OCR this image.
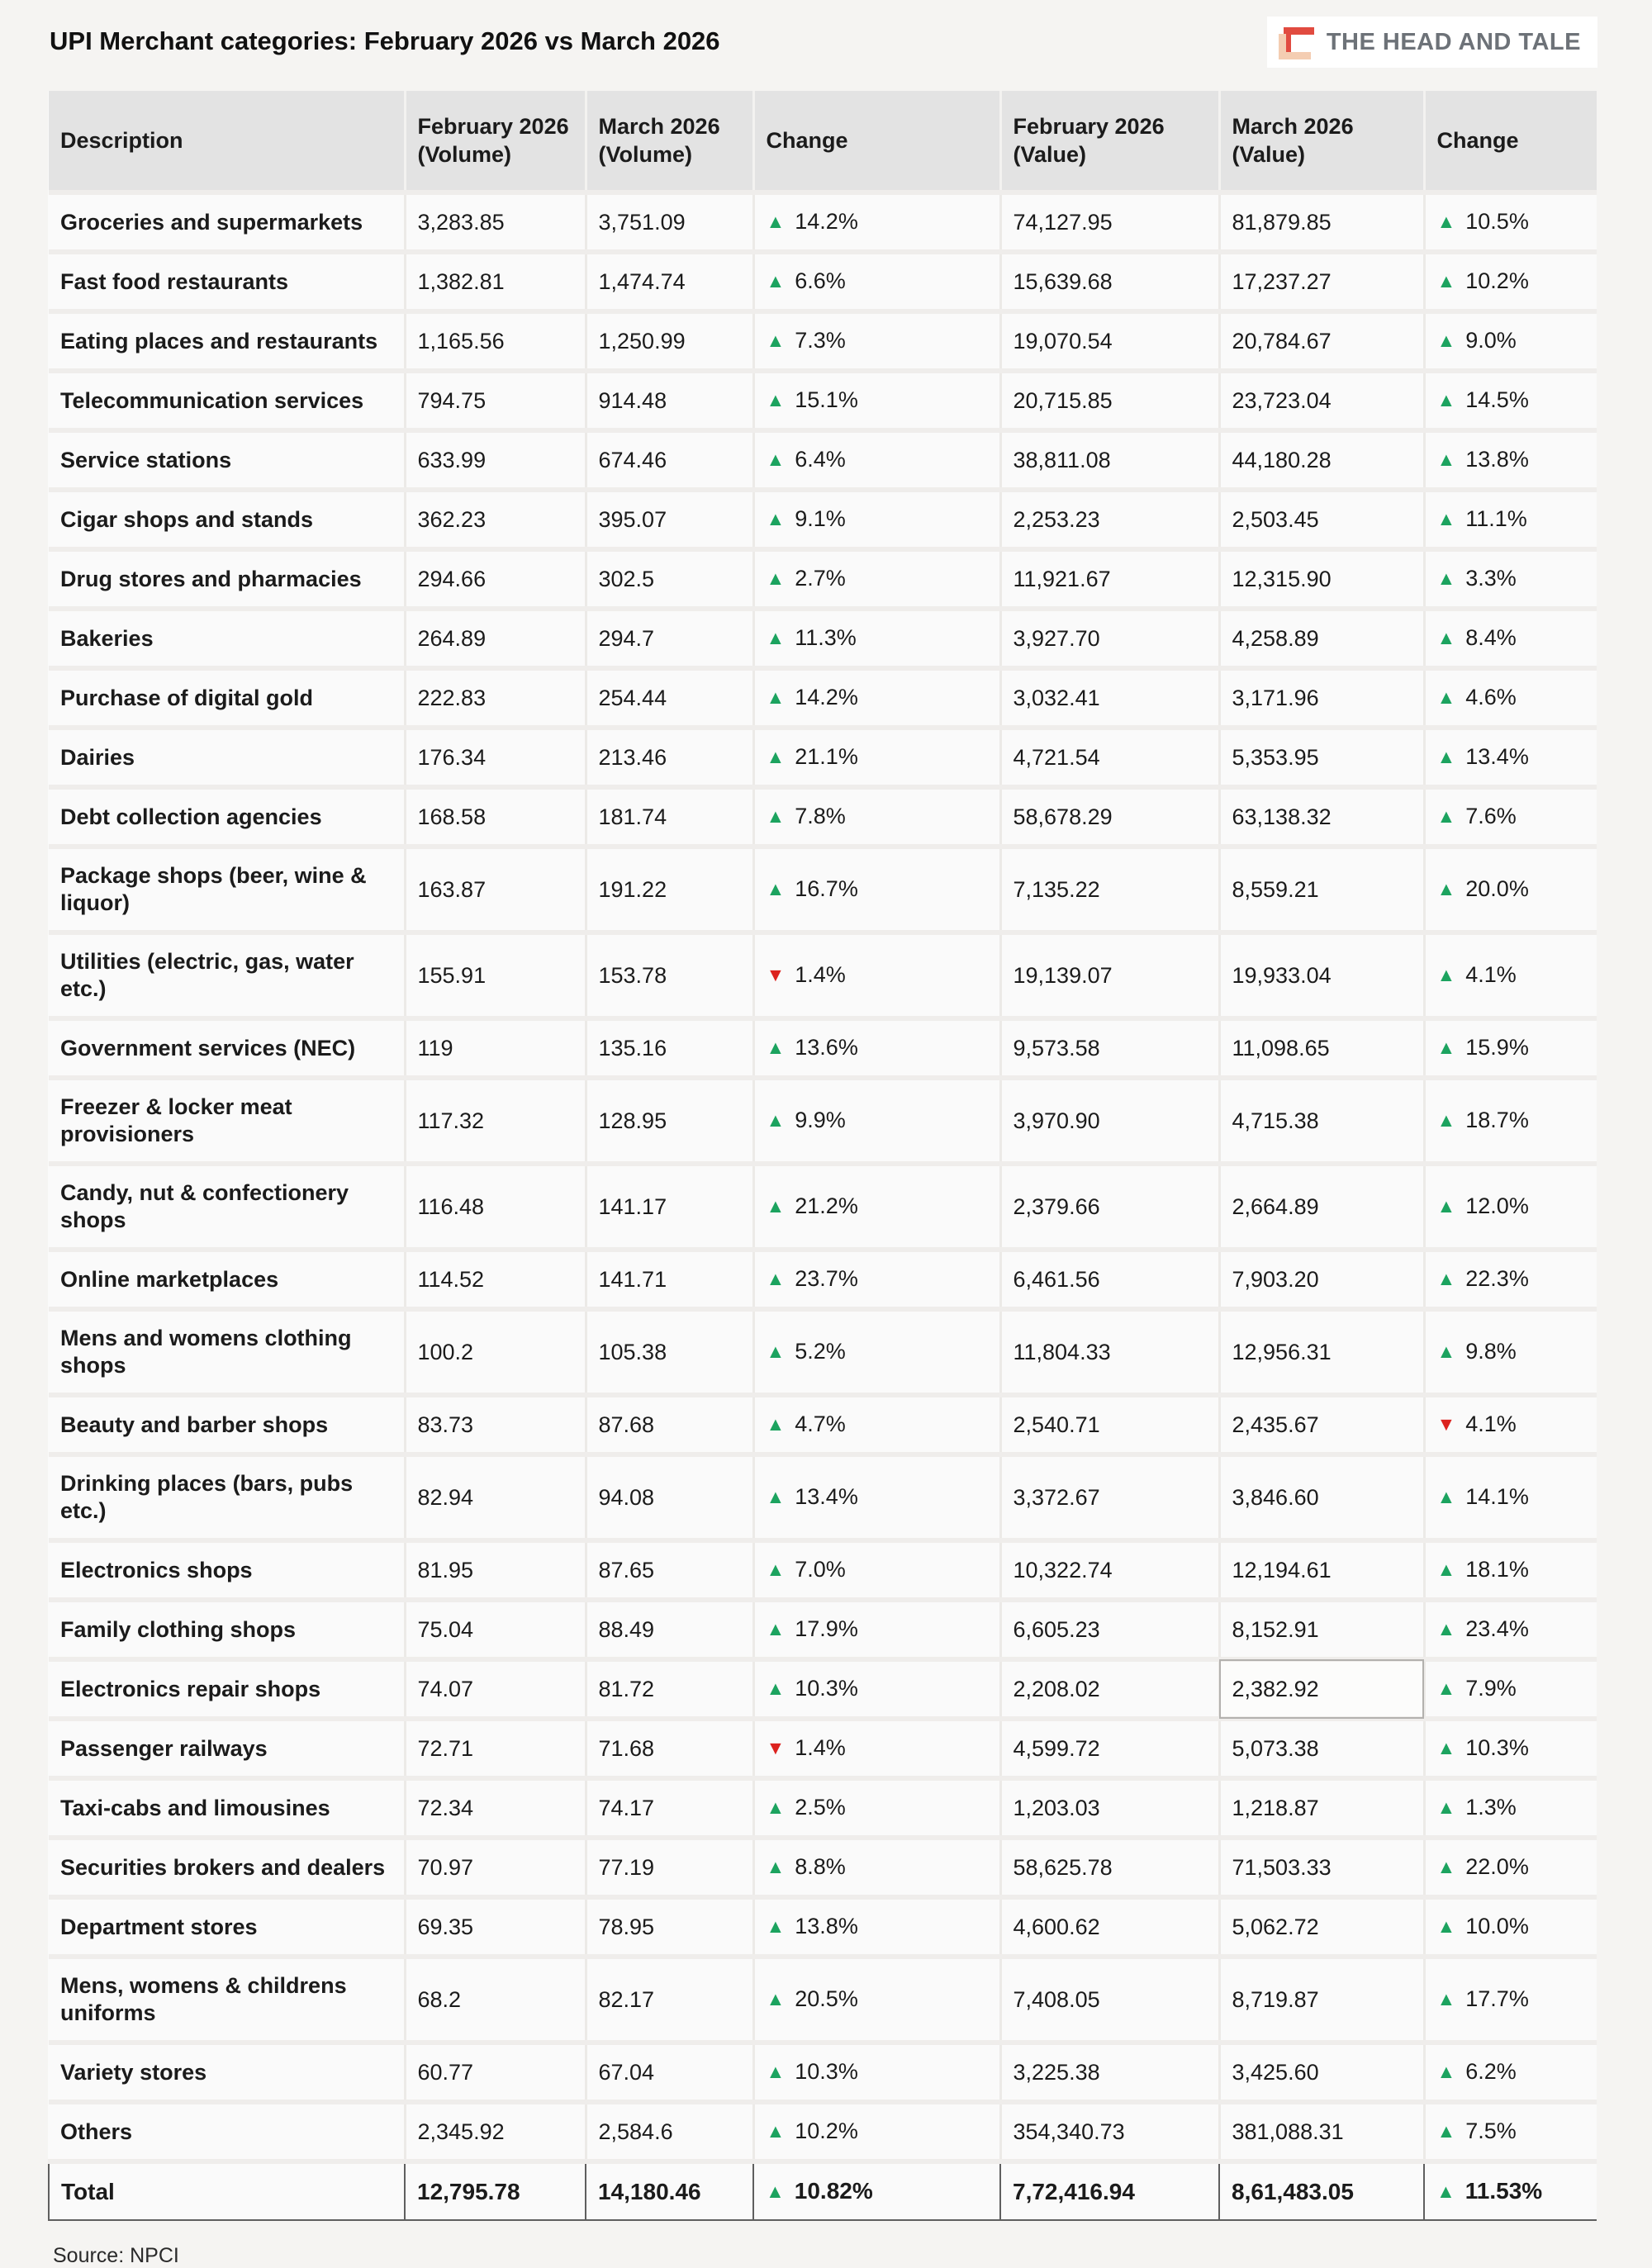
UPI Merchant categories: February 2026 vs March 2026	THE HEAD AND TALE
Description	February 2026 (Volume)	March 2026 (Volume)	Change	February 2026 (Value)	March 2026 (Value)	Change
Groceries and supermarkets	3,283.85	3,751.09	▲ 14.2%	74,127.95	81,879.85	▲ 10.5%
Fast food restaurants	1,382.81	1,474.74	▲ 6.6%	15,639.68	17,237.27	▲ 10.2%
Eating places and restaurants	1,165.56	1,250.99	▲ 7.3%	19,070.54	20,784.67	▲ 9.0%
Telecommunication services	794.75	914.48	▲ 15.1%	20,715.85	23,723.04	▲ 14.5%
Service stations	633.99	674.46	▲ 6.4%	38,811.08	44,180.28	▲ 13.8%
Cigar shops and stands	362.23	395.07	▲ 9.1%	2,253.23	2,503.45	▲ 11.1%
Drug stores and pharmacies	294.66	302.5	▲ 2.7%	11,921.67	12,315.90	▲ 3.3%
Bakeries	264.89	294.7	▲ 11.3%	3,927.70	4,258.89	▲ 8.4%
Purchase of digital gold	222.83	254.44	▲ 14.2%	3,032.41	3,171.96	▲ 4.6%
Dairies	176.34	213.46	▲ 21.1%	4,721.54	5,353.95	▲ 13.4%
Debt collection agencies	168.58	181.74	▲ 7.8%	58,678.29	63,138.32	▲ 7.6%
Package shops (beer, wine & liquor)	163.87	191.22	▲ 16.7%	7,135.22	8,559.21	▲ 20.0%
Utilities (electric, gas, water etc.)	155.91	153.78	▼ 1.4%	19,139.07	19,933.04	▲ 4.1%
Government services (NEC)	119	135.16	▲ 13.6%	9,573.58	11,098.65	▲ 15.9%
Freezer & locker meat provisioners	117.32	128.95	▲ 9.9%	3,970.90	4,715.38	▲ 18.7%
Candy, nut & confectionery shops	116.48	141.17	▲ 21.2%	2,379.66	2,664.89	▲ 12.0%
Online marketplaces	114.52	141.71	▲ 23.7%	6,461.56	7,903.20	▲ 22.3%
Mens and womens clothing shops	100.2	105.38	▲ 5.2%	11,804.33	12,956.31	▲ 9.8%
Beauty and barber shops	83.73	87.68	▲ 4.7%	2,540.71	2,435.67	▼ 4.1%
Drinking places (bars, pubs etc.)	82.94	94.08	▲ 13.4%	3,372.67	3,846.60	▲ 14.1%
Electronics shops	81.95	87.65	▲ 7.0%	10,322.74	12,194.61	▲ 18.1%
Family clothing shops	75.04	88.49	▲ 17.9%	6,605.23	8,152.91	▲ 23.4%
Electronics repair shops	74.07	81.72	▲ 10.3%	2,208.02	2,382.92	▲ 7.9%
Passenger railways	72.71	71.68	▼ 1.4%	4,599.72	5,073.38	▲ 10.3%
Taxi-cabs and limousines	72.34	74.17	▲ 2.5%	1,203.03	1,218.87	▲ 1.3%
Securities brokers and dealers	70.97	77.19	▲ 8.8%	58,625.78	71,503.33	▲ 22.0%
Department stores	69.35	78.95	▲ 13.8%	4,600.62	5,062.72	▲ 10.0%
Mens, womens & childrens uniforms	68.2	82.17	▲ 20.5%	7,408.05	8,719.87	▲ 17.7%
Variety stores	60.77	67.04	▲ 10.3%	3,225.38	3,425.60	▲ 6.2%
Others	2,345.92	2,584.6	▲ 10.2%	354,340.73	381,088.31	▲ 7.5%
Total	12,795.78	14,180.46	▲ 10.82%	7,72,416.94	8,61,483.05	▲ 11.53%

Source: NPCI
